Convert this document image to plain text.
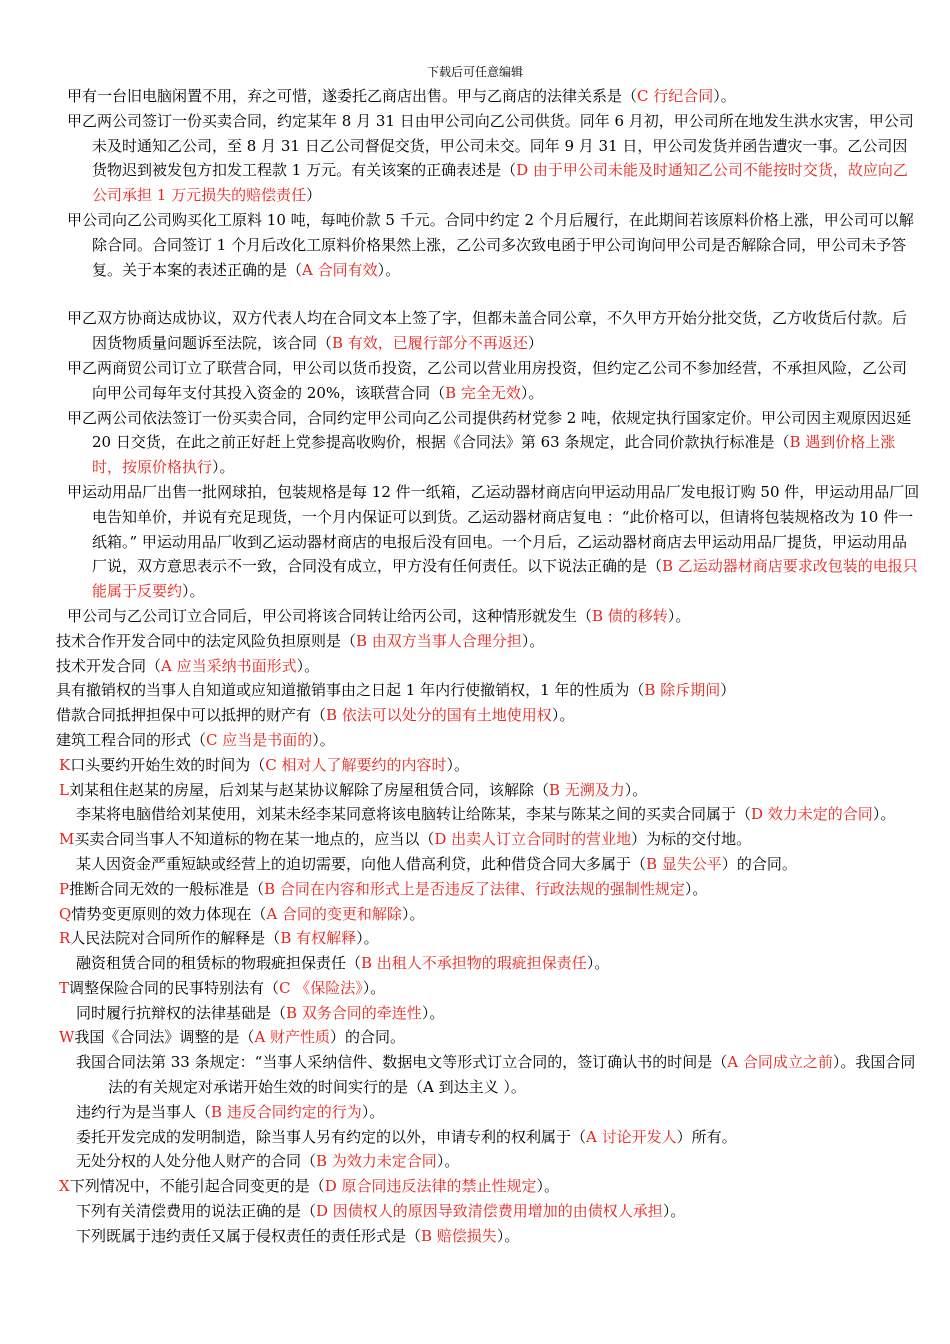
下载后可任意编辑
甲有一台旧电脑闲置不用，弃之可惜，遂委托乙商店出售。甲与乙商店的法律关系是（C 行纪合同）。
甲乙两公司签订一份买卖合同，约定某年 8 月 31 日由甲公司向乙公司供货。同年 6 月初，甲公司所在地发生洪水灾害，甲公司未及时通知乙公司，至 8 月 31 日乙公司督促交货，甲公司未交。同年 9 月 31 日，甲公司发货并函告遭灾一事。乙公司因货物迟到被发包方扣发工程款 1 万元。有关该案的正确表述是（D 由于甲公司未能及时通知乙公司不能按时交货，故应向乙公司承担 1 万元损失的赔偿责任）
甲公司向乙公司购买化工原料 10 吨，每吨价款 5 千元。合同中约定 2 个月后履行，在此期间若该原料价格上涨，甲公司可以解除合同。合同签订 1 个月后改化工原料价格果然上涨，乙公司多次致电函于甲公司询问甲公司是否解除合同，甲公司未予答复。关于本案的表述正确的是（A 合同有效）。
甲乙双方协商达成协议，双方代表人均在合同文本上签了字，但都未盖合同公章，不久甲方开始分批交货，乙方收货后付款。后因货物质量问题诉至法院，该合同（B 有效，已履行部分不再返还）
甲乙两商贸公司订立了联营合同，甲公司以货币投资，乙公司以营业用房投资，但约定乙公司不参加经营，不承担风险，乙公司向甲公司每年支付其投入资金的 20%，该联营合同（B 完全无效）。
甲乙两公司依法签订一份买卖合同，合同约定甲公司向乙公司提供药材党参 2 吨，依规定执行国家定价。甲公司因主观原因迟延 20 日交货，在此之前正好赶上党参提高收购价，根据《合同法》第 63 条规定，此合同价款执行标准是（B 遇到价格上涨时，按原价格执行）。
甲运动用品厂出售一批网球拍，包装规格是每 12 件一纸箱，乙运动器材商店向甲运动用品厂发电报订购 50 件，甲运动用品厂回电告知单价，并说有充足现货，一个月内保证可以到货。乙运动器材商店复电 ：“此价格可以，但请将包装规格改为 10 件一纸箱。” 甲运动用品厂收到乙运动器材商店的电报后没有回电。一个月后，乙运动器材商店去甲运动用品厂提货，甲运动用品厂说，双方意思表示不一致，合同没有成立，甲方没有任何责任。以下说法正确的是（B 乙运动器材商店要求改包装的电报只能属于反要约）。
甲公司与乙公司订立合同后，甲公司将该合同转让给丙公司，这种情形就发生（B 债的移转）。
技术合作开发合同中的法定风险负担原则是（B 由双方当事人合理分担）。
技术开发合同（A 应当采纳书面形式）。
具有撤销权的当事人自知道或应知道撤销事由之日起 1 年内行使撤销权，1 年的性质为（B 除斥期间）
借款合同抵押担保中可以抵押的财产有（B 依法可以处分的国有土地使用权）。
建筑工程合同的形式（C 应当是书面的）。
K口头要约开始生效的时间为（C 相对人了解要约的内容时）。
L刘某租住赵某的房屋，后刘某与赵某协议解除了房屋租赁合同，该解除（B 无溯及力）。
李某将电脑借给刘某使用，刘某未经李某同意将该电脑转让给陈某，李某与陈某之间的买卖合同属于（D 效力未定的合同）。
M买卖合同当事人不知道标的物在某一地点的，应当以（D 出卖人订立合同时的营业地）为标的交付地。
某人因资金严重短缺或经营上的迫切需要，向他人借高利贷，此种借贷合同大多属于（B 显失公平）的合同。
P推断合同无效的一般标准是（B 合同在内容和形式上是否违反了法律、行政法规的强制性规定）。
Q情势变更原则的效力体现在（A 合同的变更和解除）。
R人民法院对合同所作的解释是（B 有权解释）。
融资租赁合同的租赁标的物瑕疵担保责任（B 出租人不承担物的瑕疵担保责任）。
T调整保险合同的民事特别法有（C 《保险法》）。
同时履行抗辩权的法律基础是（B 双务合同的牵连性）。
W我国《合同法》调整的是（A 财产性质）的合同。
我国合同法第 33 条规定：“当事人采纳信件、数据电文等形式订立合同的，签订确认书的时间是（A 合同成立之前）。我国合同法的有关规定对承诺开始生效的时间实行的是（A 到达主义 ）。
违约行为是当事人（B 违反合同约定的行为）。
委托开发完成的发明制造，除当事人另有约定的以外，申请专利的权利属于（A 讨论开发人）所有。
无处分权的人处分他人财产的合同（B 为效力未定合同）。
X下列情况中，不能引起合同变更的是（D 原合同违反法律的禁止性规定）。
下列有关清偿费用的说法正确的是（D 因债权人的原因导致清偿费用增加的由债权人承担）。
下列既属于违约责任又属于侵权责任的责任形式是（B 赔偿损失）。
